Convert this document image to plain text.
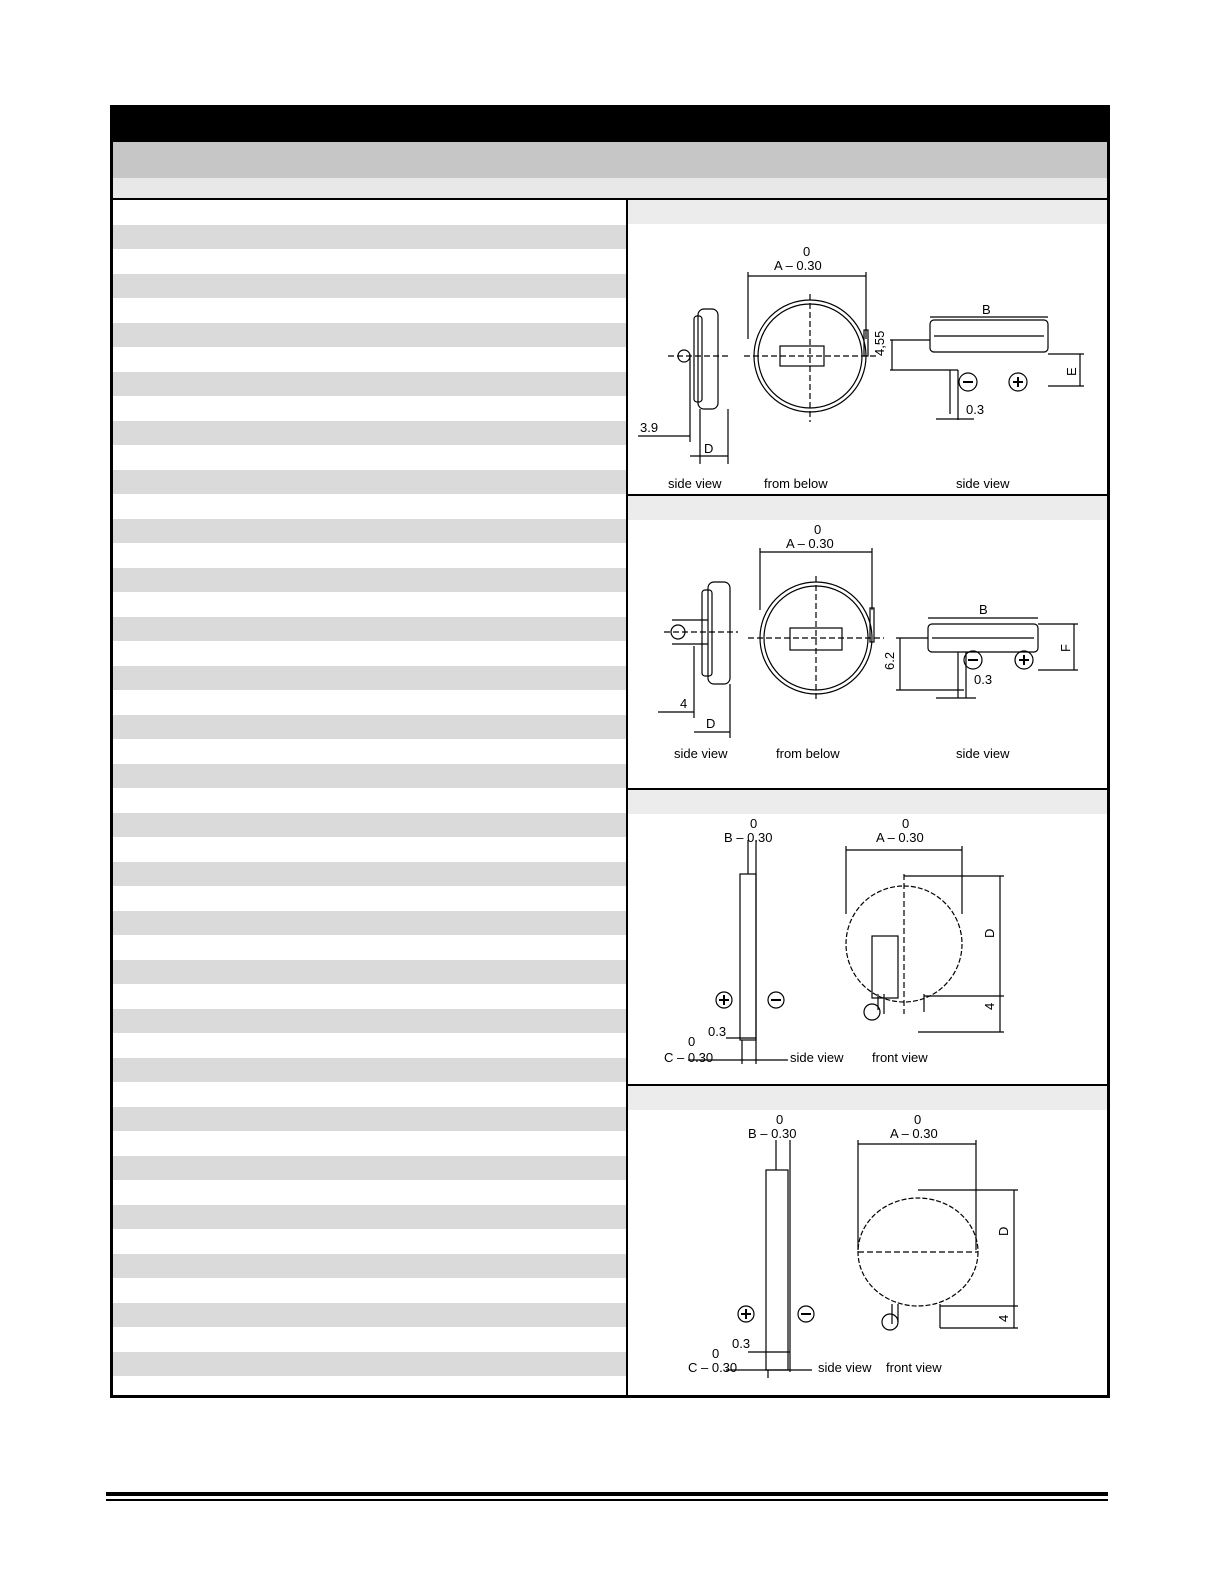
0
A – 0.30
4,55
B
E
3.9
D
0.3
side view	from below	side view
0
A – 0.30
B
F
6.2
4
D
0.3
side view	from below	side view
0
B – 0.30
0
A – 0.30
D
4
0.3
0
C – 0.30	side view front view
0
B – 0.30
0
A – 0.30
D
4
0.3
0
C – 0.30	side view front view
